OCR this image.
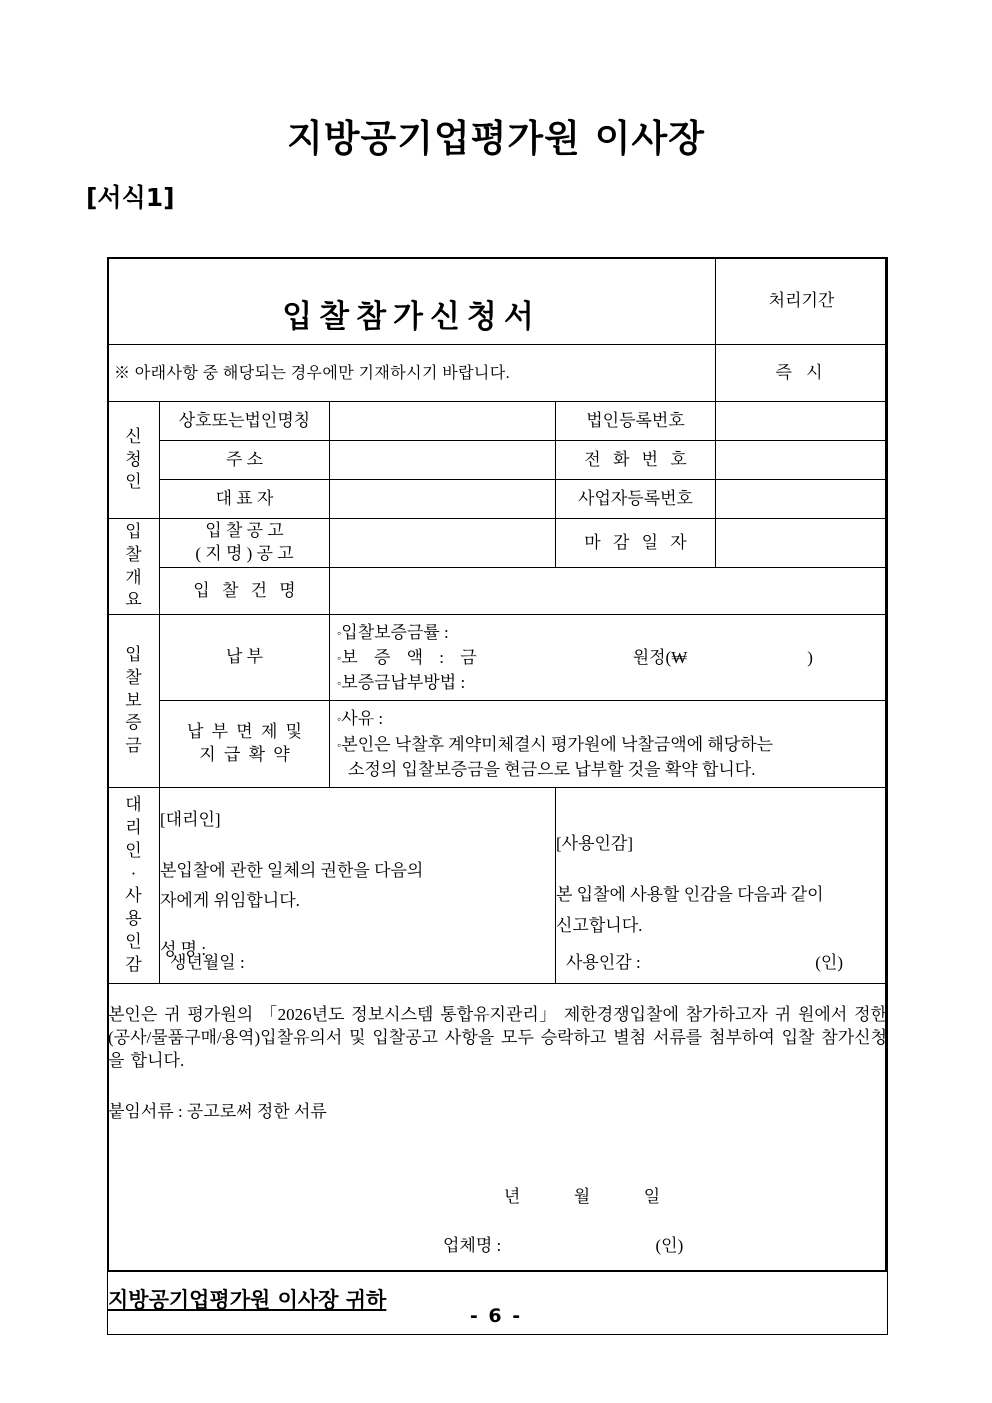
지방공기업평가원 이사장
[서식1]
입찰참가신청서				처리기간

※ 아래사항 중 해당되는 경우에만 기재하시기 바랍니다.				즉 시

신
청
인	상호또는법인명칭		법인등록번호	
	주 소		전 화 번 호	
	대 표 자		사업자등록번호	

입
찰
개
요	입 찰 공 고
( 지 명 ) 공 고		마 감 일 자	
	입 찰 건 명			

입
찰
보
증
금
	납 부	
◦입찰보증금률 :
◦보 증 액 : 금	원정(₩	)
◦보증금납부방법 :

납 부 면 제 및
지 급 확 약

◦사유 :
◦본인은 낙찰후 계약미체결시 평가원에 낙찰금액에 해당하는
소정의 입찰보증금을 현금으로 납부할 것을 확약 합니다.

대
리
인
·
사
용
인
감

[대리인]
본입찰에 관한 일체의 권한을 다음의
자에게 위임합니다.
성 명 :
생년월일 :

[사용인감]
본 입찰에 사용할 인감을 다음과 같이
신고합니다.
사용인감 :	(인)

본인은 귀 평가원의 「2026년도 정보시스템 통합유지관리」 제한경쟁입찰에 참가하고자 귀 원에서 정한 (공사/물품구매/용역)입찰유의서 및 입찰공고 사항을 모두 승락하고 별첨 서류를 첨부하여 입찰 참가신청을 합니다.
붙임서류 : 공고로써 정한 서류
년 월 일
업체명 : (인)
지방공기업평가원 이사장 귀하				
- 6 -
